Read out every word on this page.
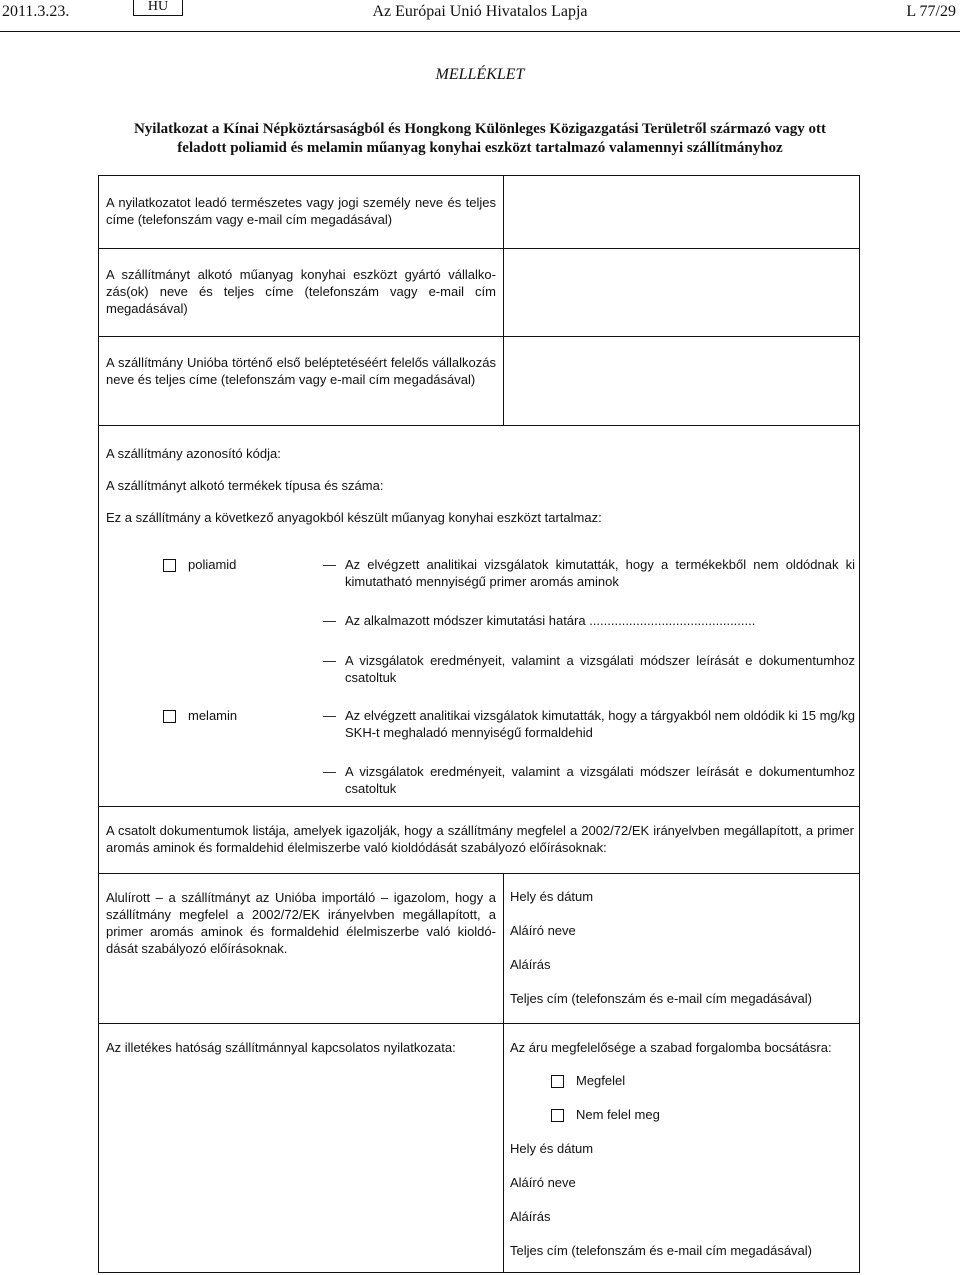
2011.3.23.	HU	Az Európai Unió Hivatalos Lapja	L 77/29
MELLÉKLET
Nyilatkozat a Kínai Népköztársaságból és Hongkong Különleges Közigazgatási Területről származó vagy ott
feladott poliamid és melamin műanyag konyhai eszközt tartalmazó valamennyi szállítmányhoz
A nyilatkozatot leadó természetes vagy jogi személy neve és teljes címe (telefonszám vagy e-mail cím megadásával)
A szállítmányt alkotó műanyag konyhai eszközt gyártó vállalkozás(ok) neve és teljes címe (telefonszám vagy e-mail cím megadásával)
A szállítmány Unióba történő első beléptetéséért felelős vállalkozás neve és teljes címe (telefonszám vagy e-mail cím megadásával)
A szállítmány azonosító kódja:
A szállítmányt alkotó termékek típusa és száma:
Ez a szállítmány a következő anyagokból készült műanyag konyhai eszközt tartalmaz:
poliamid	— Az elvégzett analitikai vizsgálatok kimutatták, hogy a termékekből nem oldódnak ki kimutatható mennyiségű primer aromás aminok
— Az alkalmazott módszer kimutatási határa ..............................................
— A vizsgálatok eredményeit, valamint a vizsgálati módszer leírását e dokumentumhoz csatoltuk
melamin	— Az elvégzett analitikai vizsgálatok kimutatták, hogy a tárgyakból nem oldódik ki 15 mg/kg SKH-t meghaladó mennyiségű formaldehid
— A vizsgálatok eredményeit, valamint a vizsgálati módszer leírását e dokumentumhoz csatoltuk
A csatolt dokumentumok listája, amelyek igazolják, hogy a szállítmány megfelel a 2002/72/EK irányelvben megállapított, a primer aromás aminok és formaldehid élelmiszerbe való kioldódását szabályozó előírásoknak:
Alulírott – a szállítmányt az Unióba importáló – igazolom, hogy a szállítmány megfelel a 2002/72/EK irányelvben megállapított, a primer aromás aminok és formaldehid élelmiszerbe való kioldódását szabályozó előírásoknak.
Hely és dátum
Aláíró neve
Aláírás
Teljes cím (telefonszám és e-mail cím megadásával)
Az illetékes hatóság szállítmánnyal kapcsolatos nyilatkozata:	Az áru megfelelősége a szabad forgalomba bocsátásra:
Megfelel
Nem felel meg
Hely és dátum
Aláíró neve
Aláírás
Teljes cím (telefonszám és e-mail cím megadásával)
